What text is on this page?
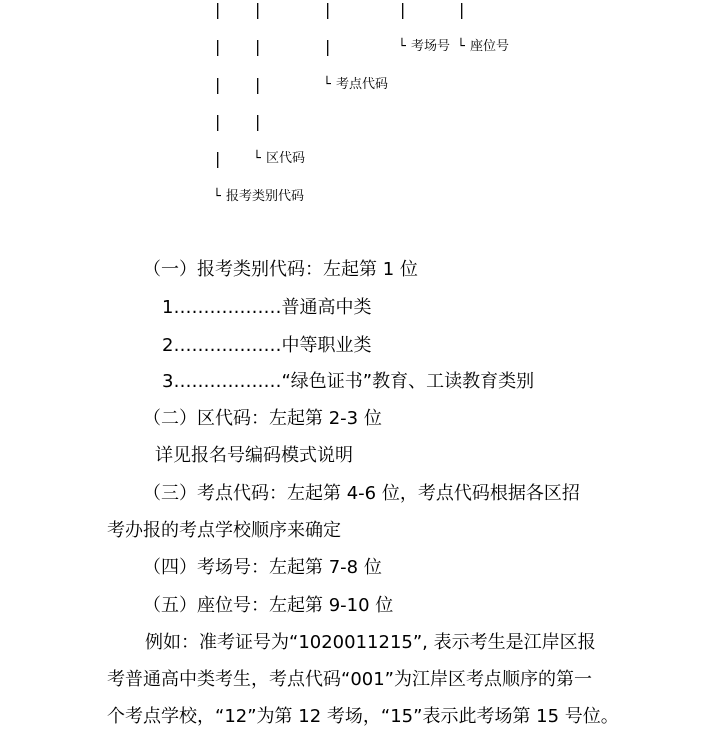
| |	|	|	|
| |	|	└ 考场号 └ 座位号
| |	└ 考点代码
| |
|	└ 区代码
└ 报考类别代码
（一）报考类别代码：左起第 1 位
1………………普通高中类
2………………中等职业类
3………………“绿色证书”教育、工读教育类别
（二）区代码：左起第 2-3 位
详见报名号编码模式说明
（三）考点代码：左起第 4-6 位，考点代码根据各区招
考办报的考点学校顺序来确定
（四）考场号：左起第 7-8 位
（五）座位号：左起第 9-10 位
例如：准考证号为“1020011215”, 表示考生是江岸区报
考普通高中类考生，考点代码“001”为江岸区考点顺序的第一
个考点学校，“12”为第 12 考场，“15”表示此考场第 15 号位。
